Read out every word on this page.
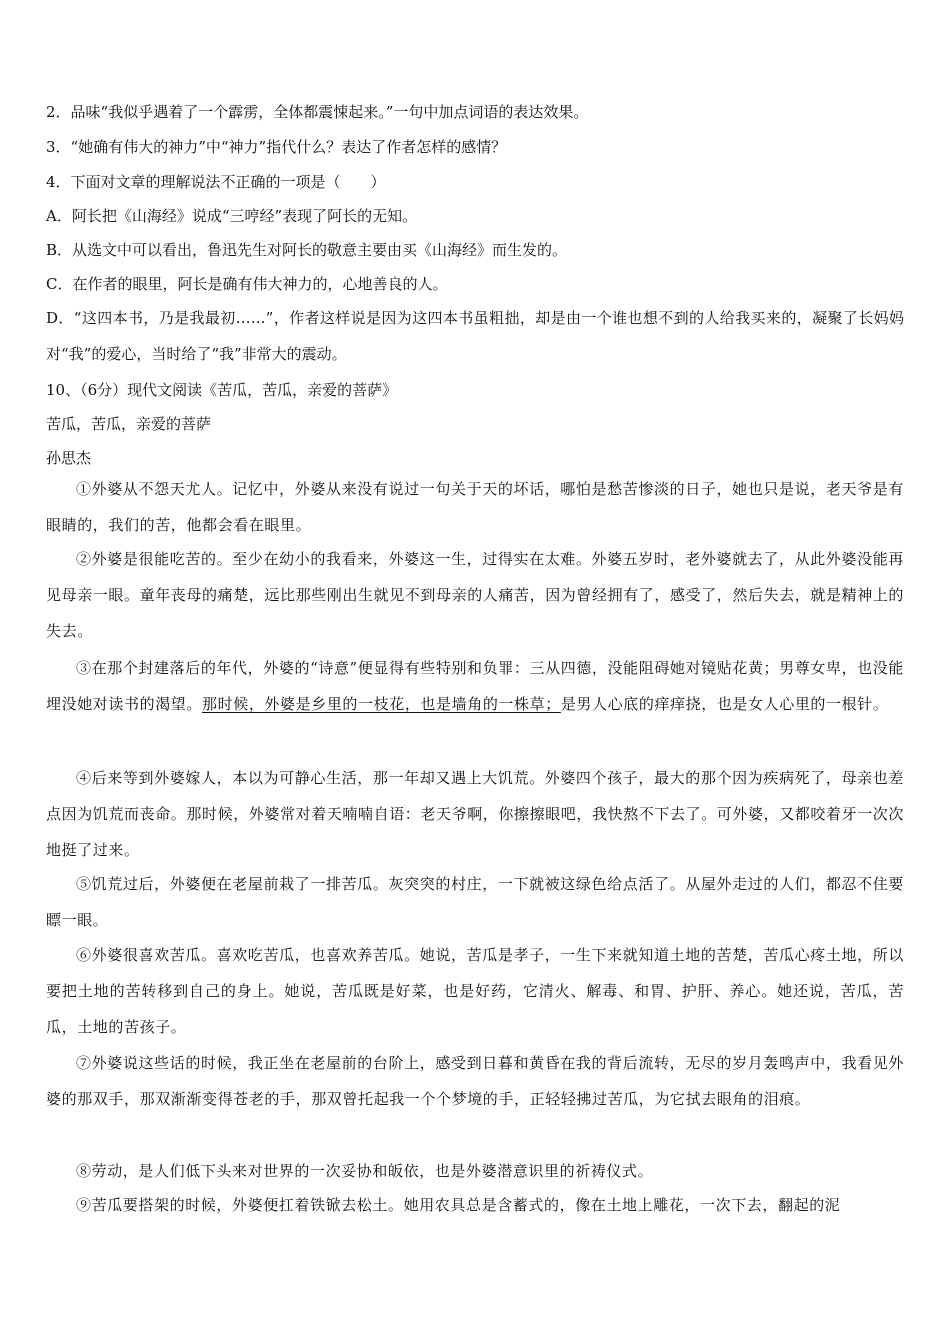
2．品味“我似乎遇着了一个霹雳，全体都震悚起来。”一句中加点词语的表达效果。
3．“她确有伟大的神力”中“神力”指代什么？表达了作者怎样的感情？
4．下面对文章的理解说法不正确的一项是（　　）
A．阿长把《山海经》说成“三哼经”表现了阿长的无知。
B．从选文中可以看出，鲁迅先生对阿长的敬意主要由买《山海经》而生发的。
C．在作者的眼里，阿长是确有伟大神力的，心地善良的人。
D．“这四本书，乃是我最初……”，作者这样说是因为这四本书虽粗拙，却是由一个谁也想不到的人给我买来的，凝聚了长妈妈对“我”的爱心，当时给了“我”非常大的震动。
10、（6分）现代文阅读《苦瓜，苦瓜，亲爱的菩萨》
苦瓜，苦瓜，亲爱的菩萨
孙思杰
①外婆从不怨天尤人。记忆中，外婆从来没有说过一句关于天的坏话，哪怕是愁苦惨淡的日子，她也只是说，老天爷是有眼睛的，我们的苦，他都会看在眼里。
②外婆是很能吃苦的。至少在幼小的我看来，外婆这一生，过得实在太难。外婆五岁时，老外婆就去了，从此外婆没能再见母亲一眼。童年丧母的痛楚，远比那些刚出生就见不到母亲的人痛苦，因为曾经拥有了，感受了，然后失去，就是精神上的失去。
③在那个封建落后的年代，外婆的“诗意”便显得有些特别和负罪：三从四德，没能阻碍她对镜贴花黄；男尊女卑，也没能埋没她对读书的渴望。那时候，外婆是乡里的一枝花，也是墙角的一株草；是男人心底的痒痒挠，也是女人心里的一根针。
④后来等到外婆嫁人，本以为可静心生活，那一年却又遇上大饥荒。外婆四个孩子，最大的那个因为疾病死了，母亲也差点因为饥荒而丧命。那时候，外婆常对着天喃喃自语：老天爷啊，你擦擦眼吧，我快熬不下去了。可外婆，又都咬着牙一次次地挺了过来。
⑤饥荒过后，外婆便在老屋前栽了一排苦瓜。灰突突的村庄，一下就被这绿色给点活了。从屋外走过的人们，都忍不住要瞟一眼。
⑥外婆很喜欢苦瓜。喜欢吃苦瓜，也喜欢养苦瓜。她说，苦瓜是孝子，一生下来就知道土地的苦楚，苦瓜心疼土地，所以要把土地的苦转移到自己的身上。她说，苦瓜既是好菜，也是好药，它清火、解毒、和胃、护肝、养心。她还说，苦瓜，苦瓜，土地的苦孩子。
⑦外婆说这些话的时候，我正坐在老屋前的台阶上，感受到日暮和黄昏在我的背后流转，无尽的岁月轰鸣声中，我看见外婆的那双手，那双渐渐变得苍老的手，那双曾托起我一个个梦境的手，正轻轻拂过苦瓜，为它拭去眼角的泪痕。
⑧劳动，是人们低下头来对世界的一次妥协和皈依，也是外婆潜意识里的祈祷仪式。
⑨苦瓜要搭架的时候，外婆便扛着铁锨去松土。她用农具总是含蓄式的，像在土地上雕花，一次下去，翻起的泥
